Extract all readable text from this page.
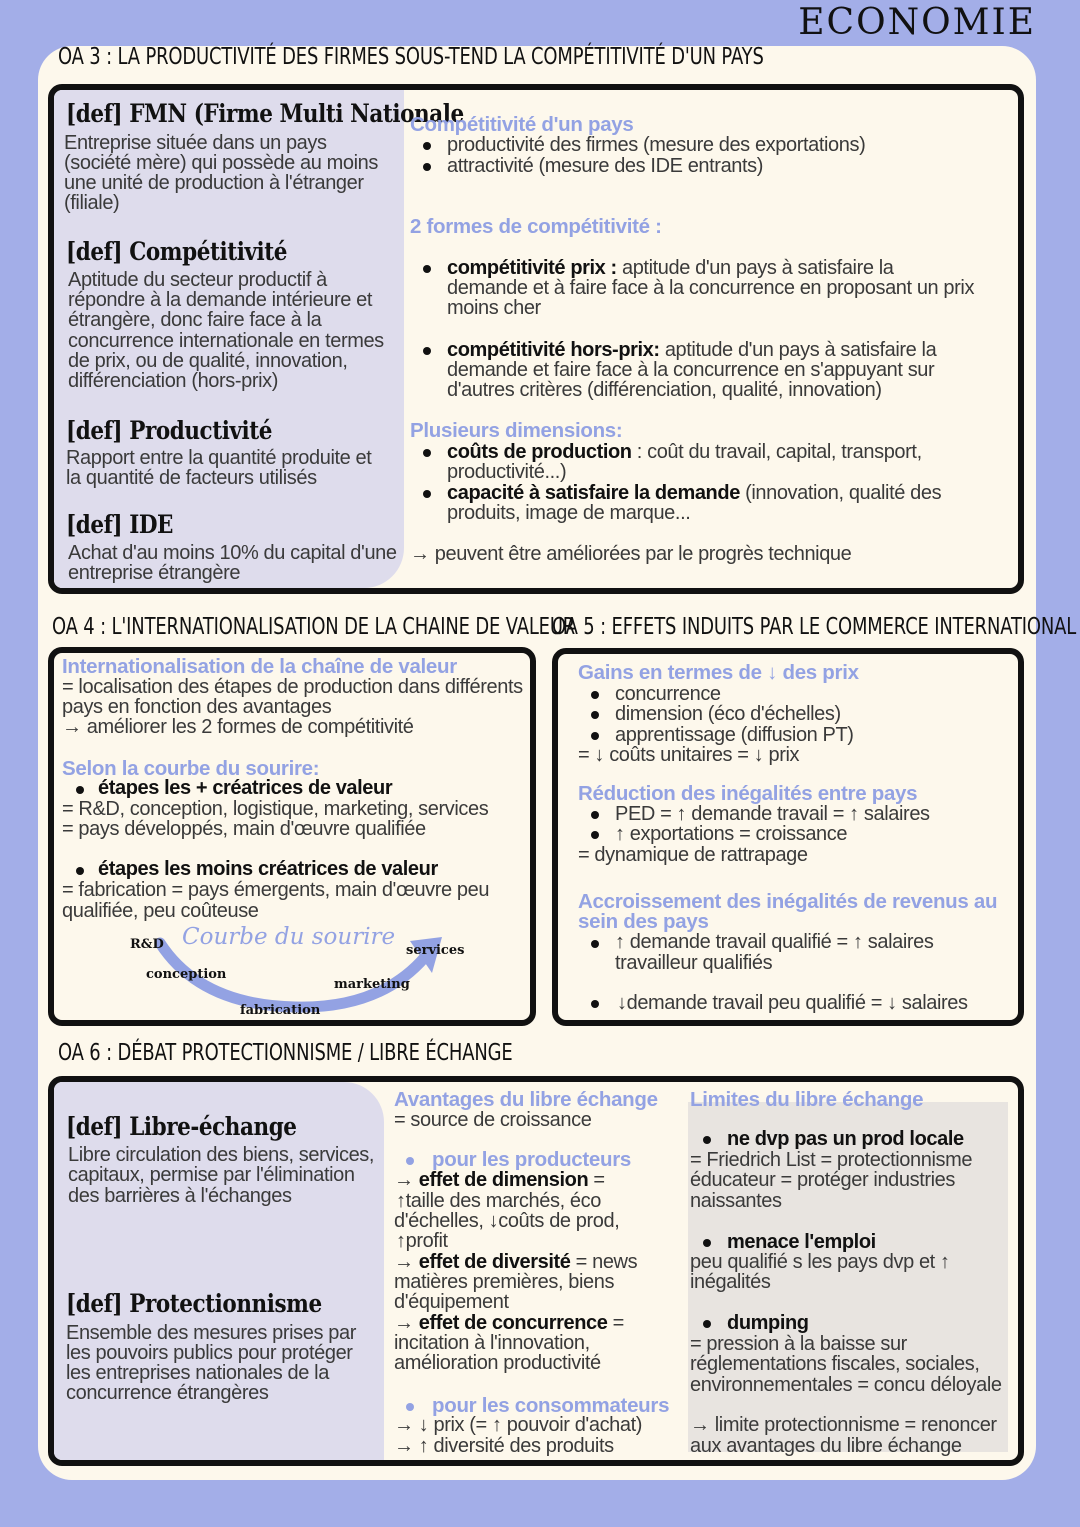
ECONOMIE
OA 3 : LA PRODUCTIVITÉ DES FIRMES SOUS-TEND LA COMPÉTITIVITÉ D'UN PAYS
[def] FMN (Firme Multi Nationale
Entreprise située dans un pays
(société mère) qui possède au moins
une unité de production à l'étranger
(filiale)
[def] Compétitivité
Aptitude du secteur productif à
répondre à la demande intérieure et
étrangère, donc faire face à la
concurrence internationale en termes
de prix, ou de qualité, innovation,
différenciation (hors-prix)
[def] Productivité
Rapport entre la quantité produite et
la quantité de facteurs utilisés
[def] IDE
Achat d'au moins 10% du capital d'une
entreprise étrangère
Compétitivité d'un pays
productivité des firmes (mesure des exportations)
attractivité (mesure des IDE entrants)
2 formes de compétitivité :
compétitivité prix : aptitude d'un pays à satisfaire la
demande et à faire face à la concurrence en proposant un prix
moins cher
compétitivité hors-prix: aptitude d'un pays à satisfaire la
demande et faire face à la concurrence en s'appuyant sur
d'autres critères (différenciation, qualité, innovation)
Plusieurs dimensions:
coûts de production : coût du travail, capital, transport,
productivité...)
capacité à satisfaire la demande (innovation, qualité des
produits, image de marque...
→ peuvent être améliorées par le progrès technique
OA 4 : L'INTERNATIONALISATION DE LA CHAINE DE VALEUR
Internationalisation de la chaîne de valeur
= localisation des étapes de production dans différents
pays en fonction des avantages
→ améliorer les 2 formes de compétitivité
Selon la courbe du sourire:
étapes les + créatrices de valeur
= R&D, conception, logistique, marketing, services
= pays développés, main d'œuvre qualifiée
étapes les moins créatrices de valeur
= fabrication = pays émergents, main d'œuvre peu
qualifiée, peu coûteuse
R&D Courbe du sourire
services
conception
marketing
fabrication
OA 5 : EFFETS INDUITS PAR LE COMMERCE INTERNATIONAL
Gains en termes de ↓ des prix
concurrence
dimension (éco d'échelles)
apprentissage (diffusion PT)
= ↓ coûts unitaires = ↓ prix
Réduction des inégalités entre pays
PED = ↑ demande travail = ↑ salaires
↑ exportations = croissance
= dynamique de rattrapage
Accroissement des inégalités de revenus au
sein des pays
↑ demande travail qualifié = ↑ salaires
travailleur qualifiés
↓demande travail peu qualifié = ↓ salaires
OA 6 : DÉBAT PROTECTIONNISME / LIBRE ÉCHANGE
[def] Libre-échange
Libre circulation des biens, services,
capitaux, permise par l'élimination
des barrières à l'échanges
[def] Protectionnisme
Ensemble des mesures prises par
les pouvoirs publics pour protéger
les entreprises nationales de la
concurrence étrangères
Avantages du libre échange
= source de croissance
pour les producteurs
→ effet de dimension =
↑taille des marchés, éco
d'échelles, ↓coûts de prod,
↑profit
→ effet de diversité = news
matières premières, biens
d'équipement
→ effet de concurrence =
incitation à l'innovation,
amélioration productivité
pour les consommateurs
→ ↓ prix (= ↑ pouvoir d'achat)
→ ↑ diversité des produits
Limites du libre échange
ne dvp pas un prod locale
= Friedrich List = protectionnisme
éducateur = protéger industries
naissantes
menace l'emploi
peu qualifié s les pays dvp et ↑
inégalités
dumping
= pression à la baisse sur
réglementations fiscales, sociales,
environnementales = concu déloyale
→ limite protectionnisme = renoncer
aux avantages du libre échange
